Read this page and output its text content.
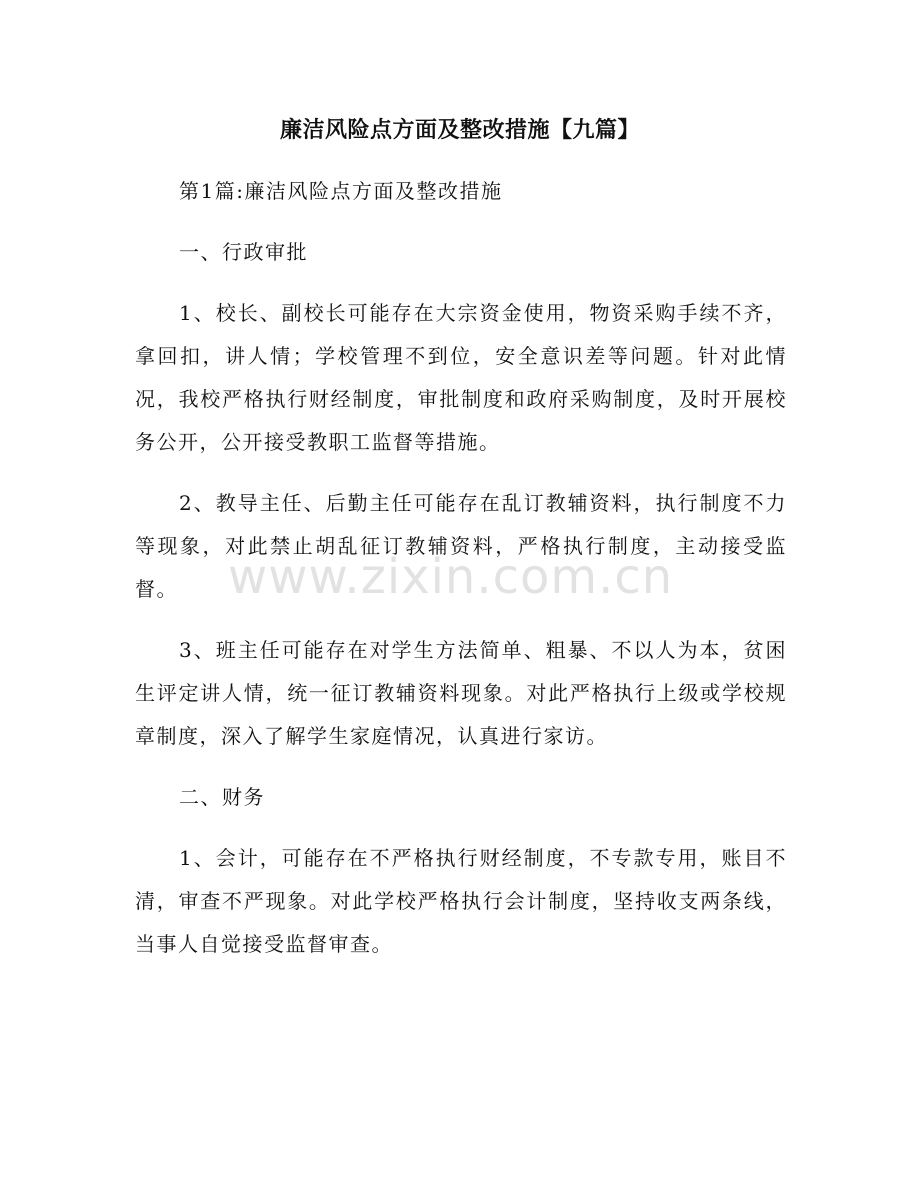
廉洁风险点方面及整改措施【九篇】

第1篇:廉洁风险点方面及整改措施

一、行政审批

1、校长、副校长可能存在大宗资金使用，物资采购手续不齐，拿回扣，讲人情；学校管理不到位，安全意识差等问题。针对此情况，我校严格执行财经制度，审批制度和政府采购制度，及时开展校务公开，公开接受教职工监督等措施。

2、教导主任、后勤主任可能存在乱订教辅资料，执行制度不力等现象，对此禁止胡乱征订教辅资料，严格执行制度，主动接受监督。

3、班主任可能存在对学生方法简单、粗暴、不以人为本，贫困生评定讲人情，统一征订教辅资料现象。对此严格执行上级或学校规章制度，深入了解学生家庭情况，认真进行家访。

二、财务

1、会计，可能存在不严格执行财经制度，不专款专用，账目不清，审查不严现象。对此学校严格执行会计制度，坚持收支两条线，当事人自觉接受监督审查。

www.zixin.com.cn
